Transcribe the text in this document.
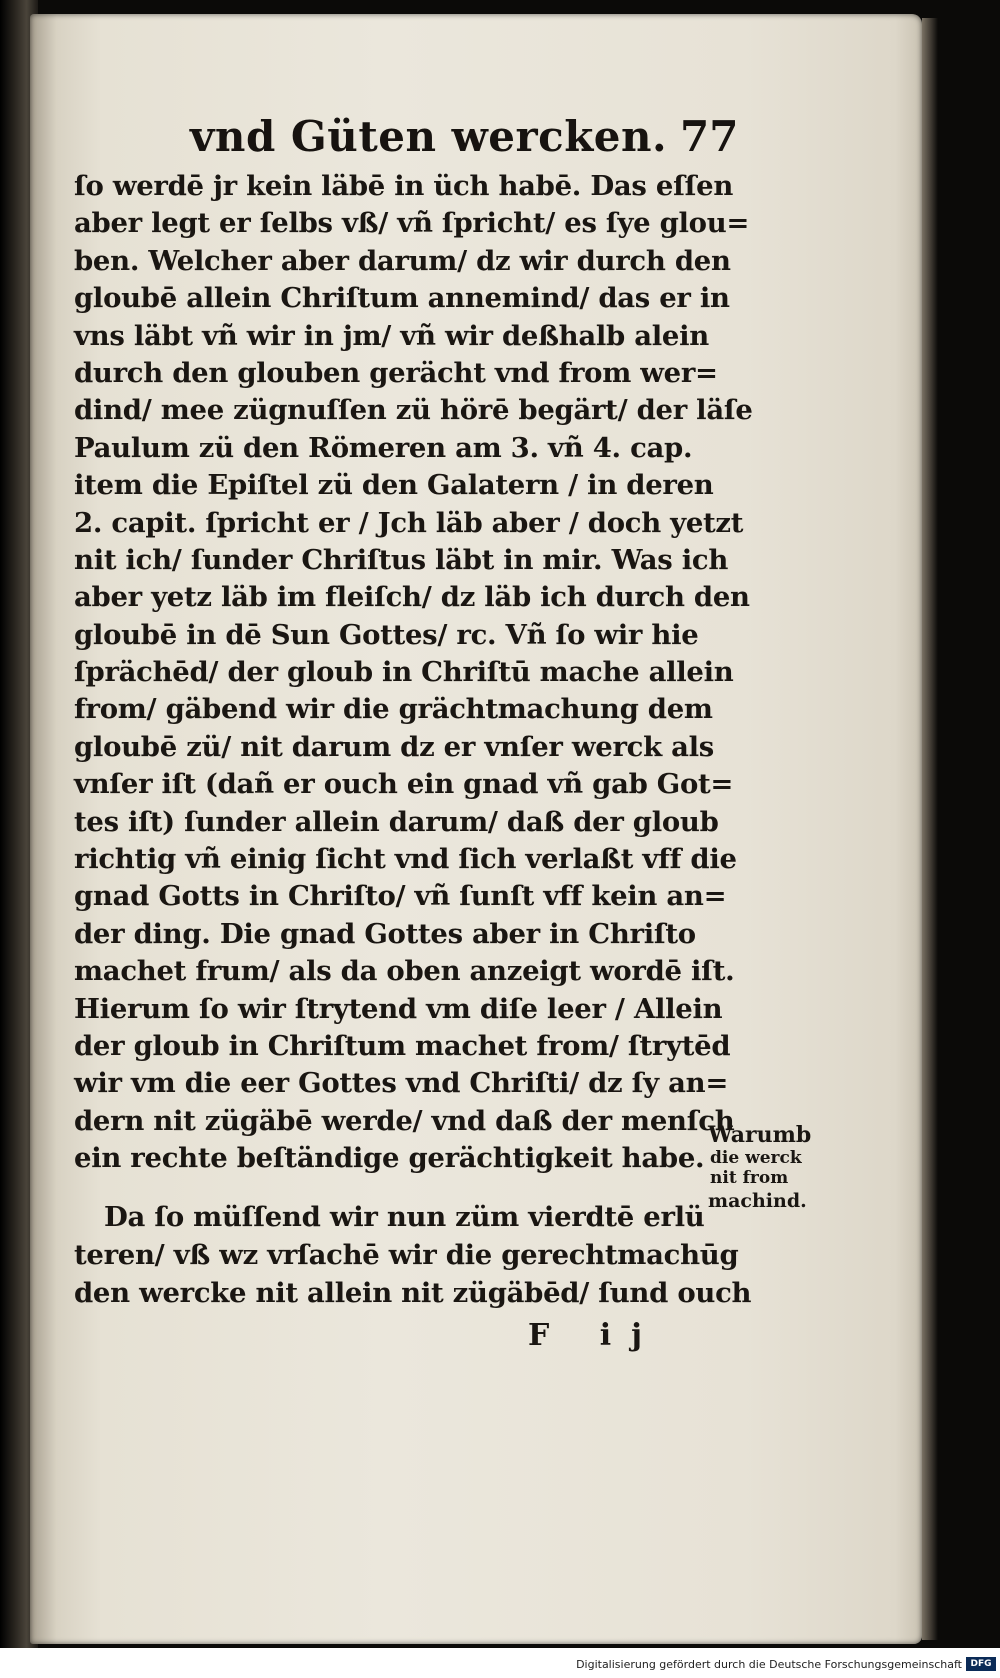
vnd Güten wercken. 77
ſo werdē jr kein läbē in üch habē. Das eſſen
aber legt er ſelbs vß/ vñ ſpricht/ es ſye glou=
ben. Welcher aber darum/ dz wir durch den
gloubē allein Chriſtum annemind/ das er in
vns läbt vñ wir in jm/ vñ wir deßhalb alein
durch den glouben gerächt vnd from wer=
dind/ mee zügnuſſen zü hörē begärt/ der läſe
Paulum zü den Römeren am 3. vñ 4. cap.
item die Epiſtel zü den Galatern / in deren
2. capit. ſpricht er / Jch läb aber / doch yetzt
nit ich/ ſunder Chriſtus läbt in mir. Was ich
aber yetz läb im fleiſch/ dz läb ich durch den
gloubē in dē Sun Gottes/ rc. Vñ ſo wir hie
ſprächēd/ der gloub in Chriſtū mache allein
from/ gäbend wir die grächtmachung dem
gloubē zü/ nit darum dz er vnſer werck als
vnſer iſt (dañ er ouch ein gnad vñ gab Got=
tes iſt) ſunder allein darum/ daß der gloub
richtig vñ einig ſicht vnd ſich verlaßt vff die
gnad Gotts in Chriſto/ vñ ſunſt vff kein an=
der ding. Die gnad Gottes aber in Chriſto
machet frum/ als da oben anzeigt wordē iſt.
Hierum ſo wir ſtrytend vm diſe leer / Allein
der gloub in Chriſtum machet from/ ſtrytēd
wir vm die eer Gottes vnd Chriſti/ dz ſy an=
dern nit zügäbē werde/ vnd daß der menſch
ein rechte beſtändige gerächtigkeit habe.
Da ſo müſſend wir nun züm vierdtē erlü
teren/ vß wz vrſachē wir die gerechtmachūg
den wercke nit allein nit zügäbēd/ ſund ouch
Warumb
die werck
nit from
machind.
F ij
Digitalisierung gefördert durch die Deutsche Forschungsgemeinschaft DFG
